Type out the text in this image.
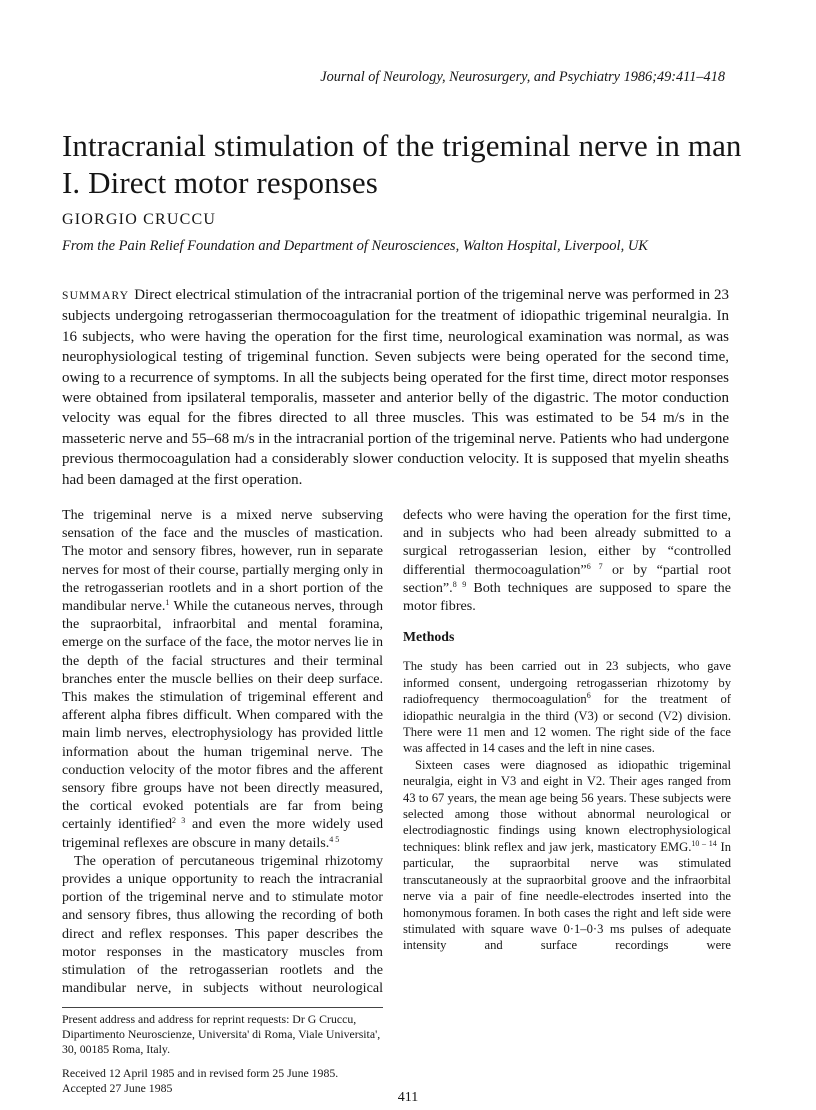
Journal of Neurology, Neurosurgery, and Psychiatry 1986;49:411–418
Intracranial stimulation of the trigeminal nerve in man
I. Direct motor responses
GIORGIO CRUCCU
From the Pain Relief Foundation and Department of Neurosciences, Walton Hospital, Liverpool, UK

SUMMARY Direct electrical stimulation of the intracranial portion of the trigeminal nerve was performed in 23 subjects undergoing retrogasserian thermocoagulation for the treatment of idiopathic trigeminal neuralgia. In 16 subjects, who were having the operation for the first time, neurological examination was normal, as was neurophysiological testing of trigeminal function. Seven subjects were being operated for the second time, owing to a recurrence of symptoms. In all the subjects being operated for the first time, direct motor responses were obtained from ipsilateral temporalis, masseter and anterior belly of the digastric. The motor conduction velocity was equal for the fibres directed to all three muscles. This was estimated to be 54 m/s in the masseteric nerve and 55–68 m/s in the intracranial portion of the trigeminal nerve. Patients who had undergone previous thermocoagulation had a considerably slower conduction velocity. It is supposed that myelin sheaths had been damaged at the first operation.

The trigeminal nerve is a mixed nerve subserving sensation of the face and the muscles of mastication. The motor and sensory fibres, however, run in separate nerves for most of their course, partially merging only in the retrogasserian rootlets and in a short portion of the mandibular nerve.$^1$ While the cutaneous nerves, through the supraorbital, infraorbital and mental foramina, emerge on the surface of the face, the motor nerves lie in the depth of the facial structures and their terminal branches enter the muscle bellies on their deep surface. This makes the stimulation of trigeminal efferent and afferent alpha fibres difficult. When compared with the main limb nerves, electrophysiology has provided little information about the human trigeminal nerve. The conduction velocity of the motor fibres and the afferent sensory fibre groups have not been directly measured, the cortical evoked potentials are far from being certainly identified$^{2 3}$ and even the more widely used trigeminal reflexes are obscure in many details.$^{4 5}$

The operation of percutaneous trigeminal rhizotomy provides a unique opportunity to reach the intracranial portion of the trigeminal nerve and to stimulate motor and sensory fibres, thus allowing the recording of both direct and reflex responses. This paper describes the motor responses in the masticatory muscles from stimulation of the retrogasserian rootlets and the mandibular nerve, in subjects without neurological

Present address and address for reprint requests: Dr G Cruccu, Dipartimento Neuroscienze, Universita' di Roma, Viale Universita', 30, 00185 Roma, Italy.

Received 12 April 1985 and in revised form 25 June 1985.

Accepted 27 June 1985

defects who were having the operation for the first time, and in subjects who had been already submitted to a surgical retrogasserian lesion, either by “controlled differential thermocoagulation”$^{6 7}$ or by “partial root section”.$^{8 9}$ Both techniques are supposed to spare the motor fibres.

Methods

The study has been carried out in 23 subjects, who gave informed consent, undergoing retrogasserian rhizotomy by radiofrequency thermocoagulation$^6$ for the treatment of idiopathic neuralgia in the third (V3) or second (V2) division. There were 11 men and 12 women. The right side of the face was affected in 14 cases and the left in nine cases.

Sixteen cases were diagnosed as idiopathic trigeminal neuralgia, eight in V3 and eight in V2. Their ages ranged from 43 to 67 years, the mean age being 56 years. These subjects were selected among those without abnormal neurological or electrodiagnostic findings using known electrophysiological techniques: blink reflex and jaw jerk, masticatory EMG.$^{10 - 14}$ In particular, the supraorbital nerve was stimulated transcutaneously at the supraorbital groove and the infraorbital nerve via a pair of fine needle-electrodes inserted into the homonymous foramen. In both cases the right and left side were stimulated with square wave 0·1–0·3 ms pulses of adequate intensity and surface recordings were

411
